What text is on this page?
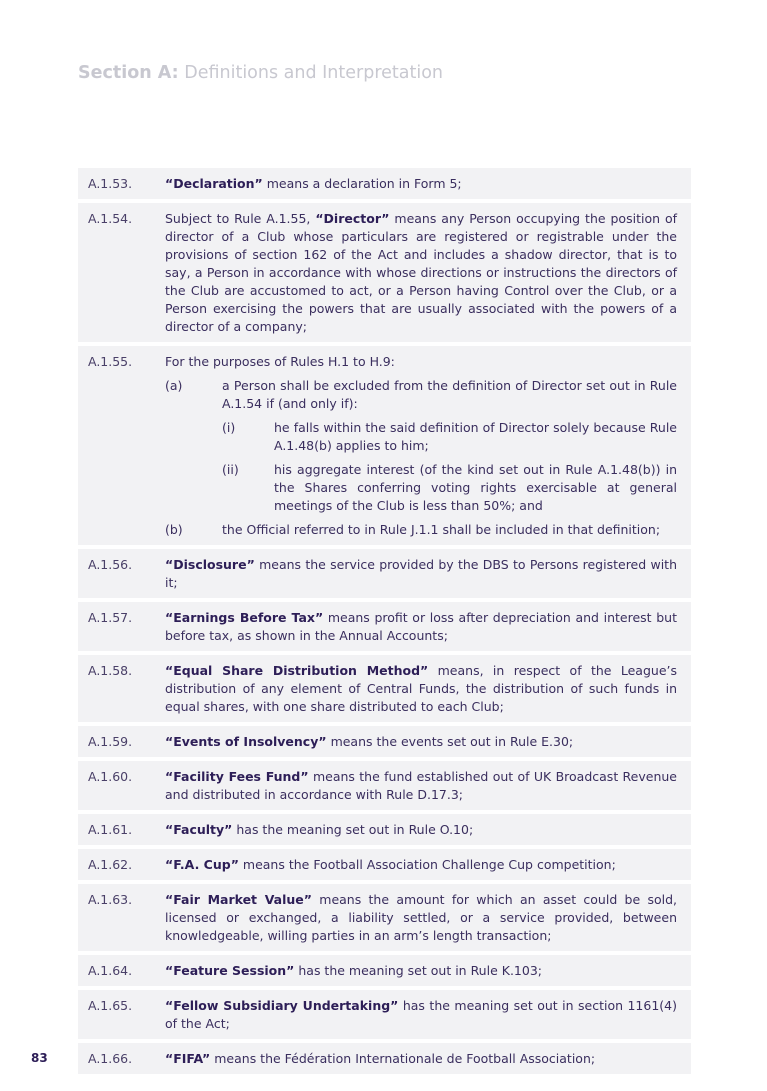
Section A: Definitions and Interpretation
A.1.53.	“Declaration” means a declaration in Form 5;
A.1.54.	Subject to Rule A.1.55, “Director” means any Person occupying the position of director of a Club whose particulars are registered or registrable under the provisions of section 162 of the Act and includes a shadow director, that is to say, a Person in accordance with whose directions or instructions the directors of the Club are accustomed to act, or a Person having Control over the Club, or a Person exercising the powers that are usually associated with the powers of a director of a company;
A.1.55.	For the purposes of Rules H.1 to H.9:
(a)	a Person shall be excluded from the definition of Director set out in Rule A.1.54 if (and only if):
(i)	he falls within the said definition of Director solely because Rule A.1.48(b) applies to him;
(ii)	his aggregate interest (of the kind set out in Rule A.1.48(b)) in the Shares conferring voting rights exercisable at general meetings of the Club is less than 50%; and
(b)	the Official referred to in Rule J.1.1 shall be included in that definition;
A.1.56.	“Disclosure” means the service provided by the DBS to Persons registered with it;
A.1.57.	“Earnings Before Tax” means profit or loss after depreciation and interest but before tax, as shown in the Annual Accounts;
A.1.58.	“Equal Share Distribution Method” means, in respect of the League’s distribution of any element of Central Funds, the distribution of such funds in equal shares, with one share distributed to each Club;
A.1.59.	“Events of Insolvency” means the events set out in Rule E.30;
A.1.60.	“Facility Fees Fund” means the fund established out of UK Broadcast Revenue and distributed in accordance with Rule D.17.3;
A.1.61.	“Faculty” has the meaning set out in Rule O.10;
A.1.62.	“F.A. Cup” means the Football Association Challenge Cup competition;
A.1.63.	“Fair Market Value” means the amount for which an asset could be sold, licensed or exchanged, a liability settled, or a service provided, between knowledgeable, willing parties in an arm’s length transaction;
A.1.64.	“Feature Session” has the meaning set out in Rule K.103;
A.1.65.	“Fellow Subsidiary Undertaking” has the meaning set out in section 1161(4) of the Act;
A.1.66.	“FIFA” means the Fédération Internationale de Football Association;
83
